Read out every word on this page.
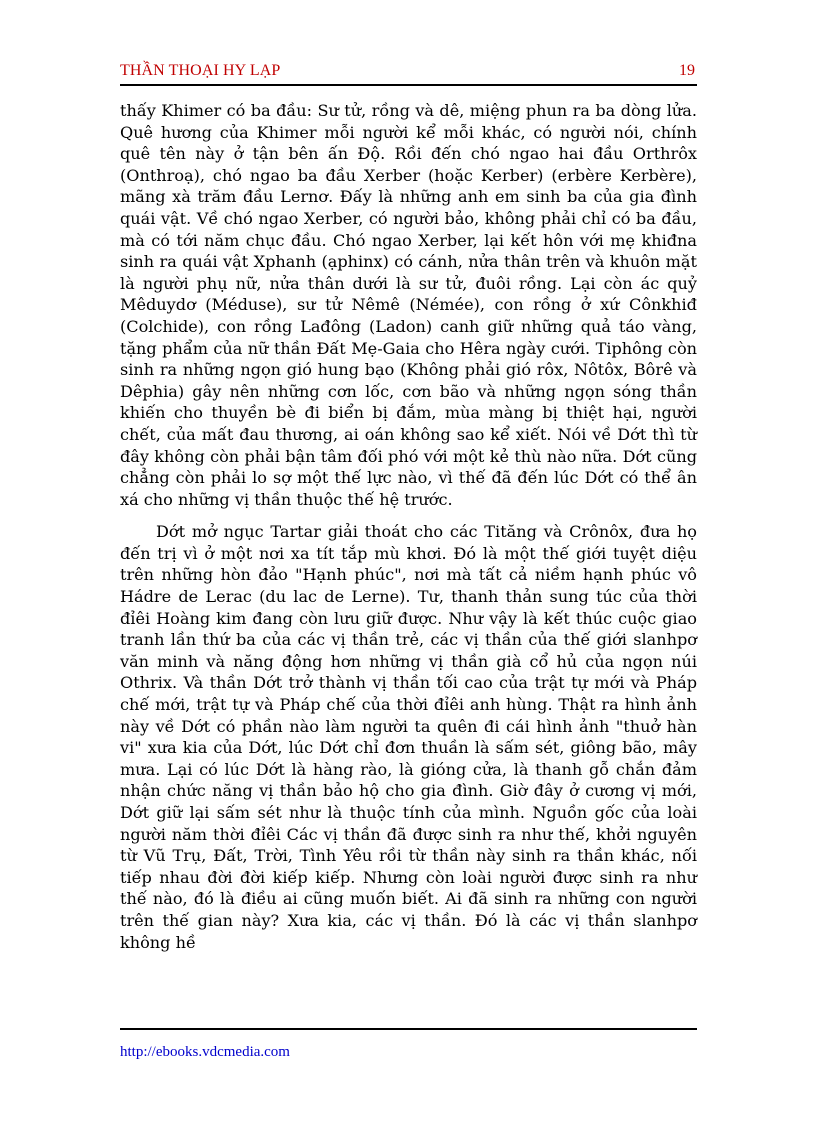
THẦN THOẠI HY LẠP	19

thấy Khimer có ba đầu: Sư tử, rồng và dê, miệng phun ra ba dòng lửa. Quê hương của Khimer mỗi người kể mỗi khác, có người nói, chính quê tên này ở tận bên ấn Độ. Rồi đến chó ngao hai đầu Orthrôx (Onthroạ), chó ngao ba đầu Xerber (hoặc Kerber) (erbère Kerbère), mãng xà trăm đầu Lernơ. Đấy là những anh em sinh ba của gia đình quái vật. Về chó ngao Xerber, có người bảo, không phải chỉ có ba đầu, mà có tới năm chục đầu. Chó ngao Xerber, lại kết hôn với mẹ khiđna sinh ra quái vật Xphanh (ạphinx) có cánh, nửa thân trên và khuôn mặt là người phụ nữ, nửa thân dưới là sư tử, đuôi rồng. Lại còn ác quỷ Mêduydơ (Méduse), sư tử Nêmê (Némée), con rồng ở xứ Cônkhiđ (Colchide), con rồng Lađông (Ladon) canh giữ những quả táo vàng, tặng phẩm của nữ thần Đất Mẹ-Gaia cho Hêra ngày cưới. Tiphông còn sinh ra những ngọn gió hung bạo (Không phải gió rôx, Nôtôx, Bôrê và Dêphia) gây nên những cơn lốc, cơn bão và những ngọn sóng thần khiến cho thuyền bè đi biển bị đắm, mùa màng bị thiệt hại, người chết, của mất đau thương, ai oán không sao kể xiết. Nói về Dớt thì từ đây không còn phải bận tâm đối phó với một kẻ thù nào nữa. Dớt cũng chẳng còn phải lo sợ một thế lực nào, vì thế đã đến lúc Dớt có thể ân xá cho những vị thần thuộc thế hệ trước.

Dớt mở ngục Tartar giải thoát cho các Tităng và Crônôx, đưa họ đến trị vì ở một nơi xa tít tắp mù khơi. Đó là một thế giới tuyệt diệu trên những hòn đảo "Hạnh phúc", nơi mà tất cả niềm hạnh phúc vô Hádre de Lerac (du lac de Lerne). Tư, thanh thản sung túc của thời đỉêi Hoàng kim đang còn lưu giữ được. Như vậy là kết thúc cuộc giao tranh lần thứ ba của các vị thần trẻ, các vị thần của thế giới slanhpơ văn minh và năng động hơn những vị thần già cổ hủ của ngọn núi Othrix. Và thần Dớt trở thành vị thần tối cao của trật tự mới và Pháp chế mới, trật tự và Pháp chế của thời đỉêi anh hùng. Thật ra hình ảnh này về Dớt có phần nào làm người ta quên đi cái hình ảnh "thuở hàn vi" xưa kia của Dớt, lúc Dớt chỉ đơn thuần là sấm sét, giông bão, mây mưa. Lại có lúc Dớt là hàng rào, là gióng cửa, là thanh gỗ chắn đảm nhận chức năng vị thần bảo hộ cho gia đình. Giờ đây ở cương vị mới, Dớt giữ lại sấm sét như là thuộc tính của mình. Nguồn gốc của loài người năm thời đỉêi Các vị thần đã được sinh ra như thế, khởi nguyên từ Vũ Trụ, Đất, Trời, Tình Yêu rồi từ thần này sinh ra thần khác, nối tiếp nhau đời đời kiếp kiếp. Nhưng còn loài người được sinh ra như thế nào, đó là điều ai cũng muốn biết. Ai đã sinh ra những con người trên thế gian này? Xưa kia, các vị thần. Đó là các vị thần slanhpơ không hề

http://ebooks.vdcmedia.com
